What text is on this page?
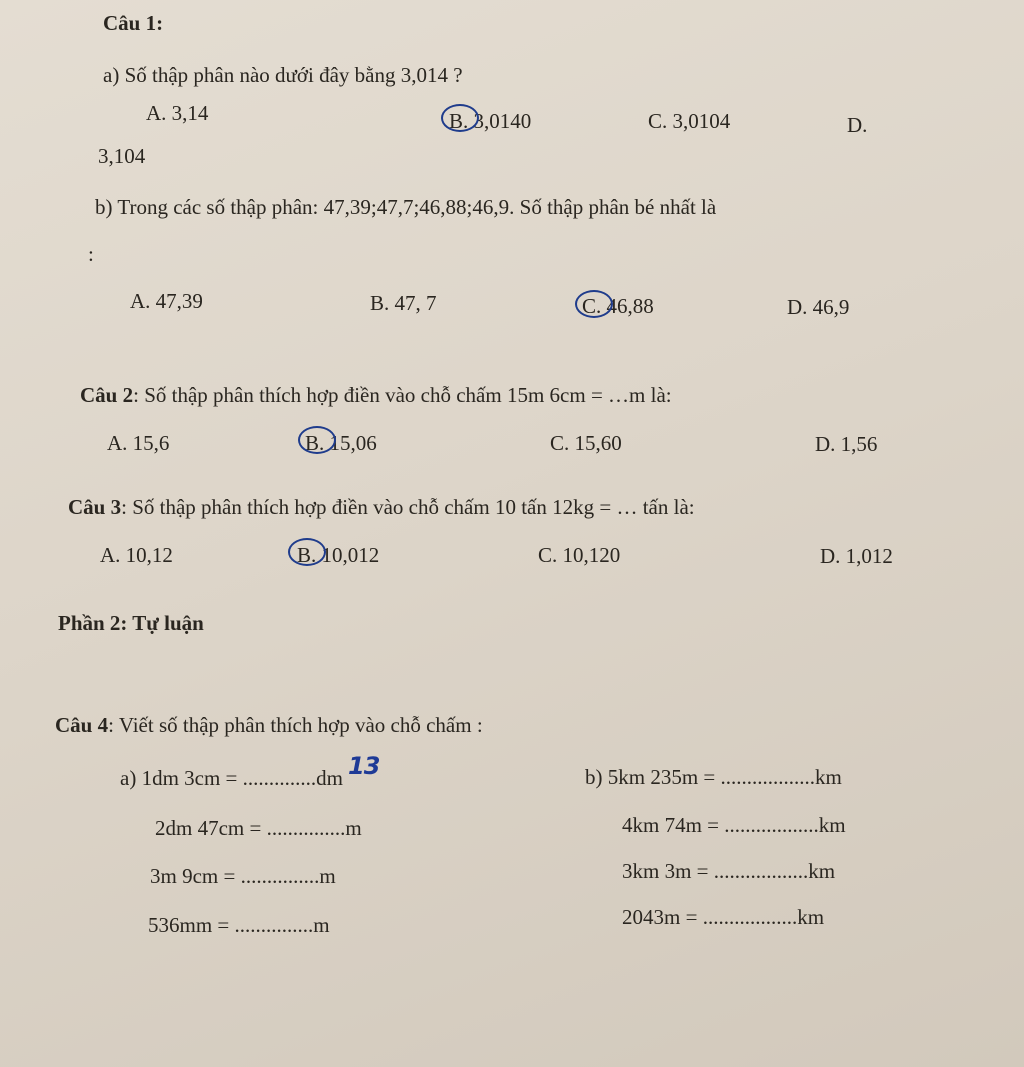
Câu 1:
a) Số thập phân nào dưới đây bằng 3,014 ?
A. 3,14	B. 3,0140	C. 3,0104	D.
3,104
b) Trong các số thập phân: 47,39;47,7;46,88;46,9. Số thập phân bé nhất là
:
A. 47,39	B. 47, 7	C. 46,88	D. 46,9
Câu 2: Số thập phân thích hợp điền vào chỗ chấm 15m 6cm = …m là:
A. 15,6	B. 15,06	C. 15,60	D. 1,56
Câu 3: Số thập phân thích hợp điền vào chỗ chấm 10 tấn 12kg = … tấn là:
A. 10,12	B. 10,012	C. 10,120	D. 1,012
Phần 2: Tự luận
Câu 4: Viết số thập phân thích hợp vào chỗ chấm :
a) 1dm 3cm = ..............dm 13
2dm 47cm = ...............m
3m 9cm = ...............m
536mm = ...............m
b) 5km 235m = ..................km
4km 74m = ..................km
3km 3m = ..................km
2043m = ..................km
